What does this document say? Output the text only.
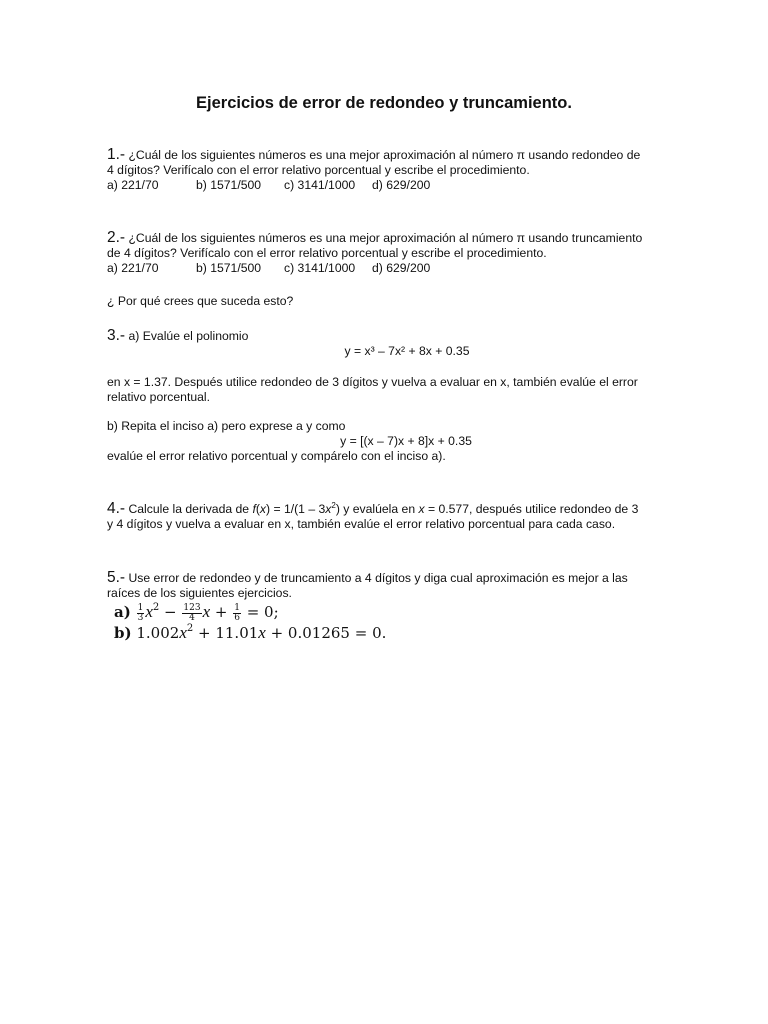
Ejercicios de error de redondeo y truncamiento.
1.- ¿Cuál de los siguientes números es una mejor aproximación al número π usando redondeo de
4 dígitos? Verifícalo con el error relativo porcentual y escribe el procedimiento.
a) 221/70	b) 1571/500 c) 3141/1000 d) 629/200
2.- ¿Cuál de los siguientes números es una mejor aproximación al número π usando truncamiento
de 4 dígitos? Verifícalo con el error relativo porcentual y escribe el procedimiento.
a) 221/70	b) 1571/500 c) 3141/1000 d) 629/200
¿ Por qué crees que suceda esto?
3.- a) Evalúe el polinomio
y = x³ – 7x² + 8x + 0.35
en x = 1.37. Después utilice redondeo de 3 dígitos y vuelva a evaluar en x, también evalúe el error
relativo porcentual.
b) Repita el inciso a) pero exprese a y como
y = [(x – 7)x + 8]x + 0.35
evalúe el error relativo porcentual y compárelo con el inciso a).
4.- Calcule la derivada de $f(x) = 1/(1 - 3x^2)$ y evalúela en x = 0.577, después utilice redondeo de 3
y 4 dígitos y vuelva a evaluar en x, también evalúe el error relativo porcentual para cada caso.
5.- Use error de redondeo y de truncamiento a 4 dígitos y diga cual aproximación es mejor a las
raíces de los siguientes ejercicios.
$a) \frac{1}{3} x^2 - \frac{123}{4}$ $x + \frac{1}{6} = 0$;
b) $1.002x^2 + 11.01x + 0.01265 = 0$.
